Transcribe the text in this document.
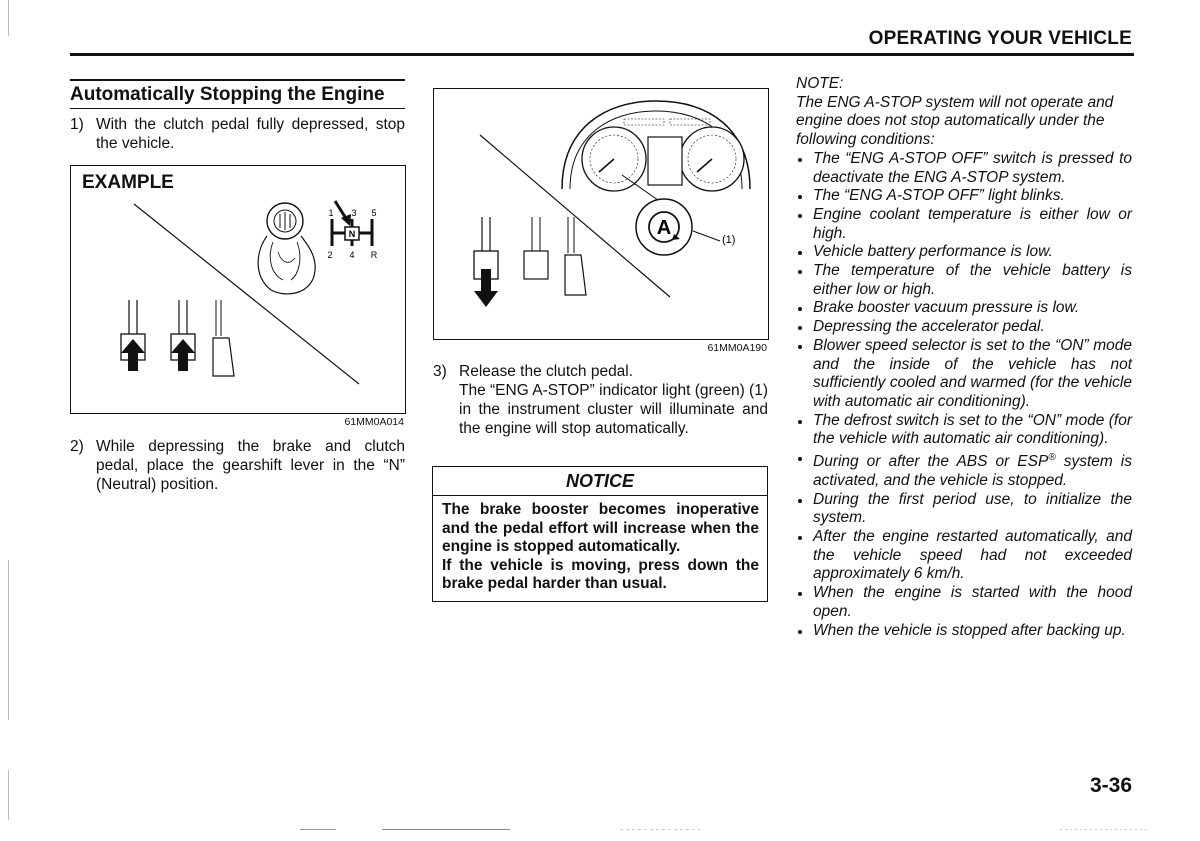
OPERATING YOUR VEHICLE
Automatically Stopping the Engine
1) With the clutch pedal fully depressed, stop the vehicle.
EXAMPLE
N
1 3 5
2 4 R
61MM0A014
2) While depressing the brake and clutch pedal, place the gearshift lever in the “N” (Neutral) position.
A
(1)
61MM0A190
3) Release the clutch pedal.
The “ENG A-STOP” indicator light (green) (1) in the instrument cluster will illuminate and the engine will stop automatically.
NOTICE

The brake booster becomes inoperative and the pedal effort will increase when the engine is stopped automatically.

If the vehicle is moving, press down the brake pedal harder than usual.

NOTE:

The ENG A-STOP system will not operate and engine does not stop automatically under the following conditions:

The “ENG A-STOP OFF” switch is pressed to deactivate the ENG A-STOP system.
The “ENG A-STOP OFF” light blinks.
Engine coolant temperature is either low or high.
Vehicle battery performance is low.
The temperature of the vehicle battery is either low or high.
Brake booster vacuum pressure is low.
Depressing the accelerator pedal.
Blower speed selector is set to the “ON” mode and the inside of the vehicle has not sufficiently cooled and warmed (for the vehicle with automatic air conditioning).
The defrost switch is set to the “ON” mode (for the vehicle with automatic air conditioning).
During or after the ABS or ESP® system is activated, and the vehicle is stopped.
During the first period use, to initialize the system.
After the engine restarted automatically, and the vehicle speed had not exceeded approximately 6 km/h.
When the engine is started with the hood open.
When the vehicle is stopped after backing up.
3-36
